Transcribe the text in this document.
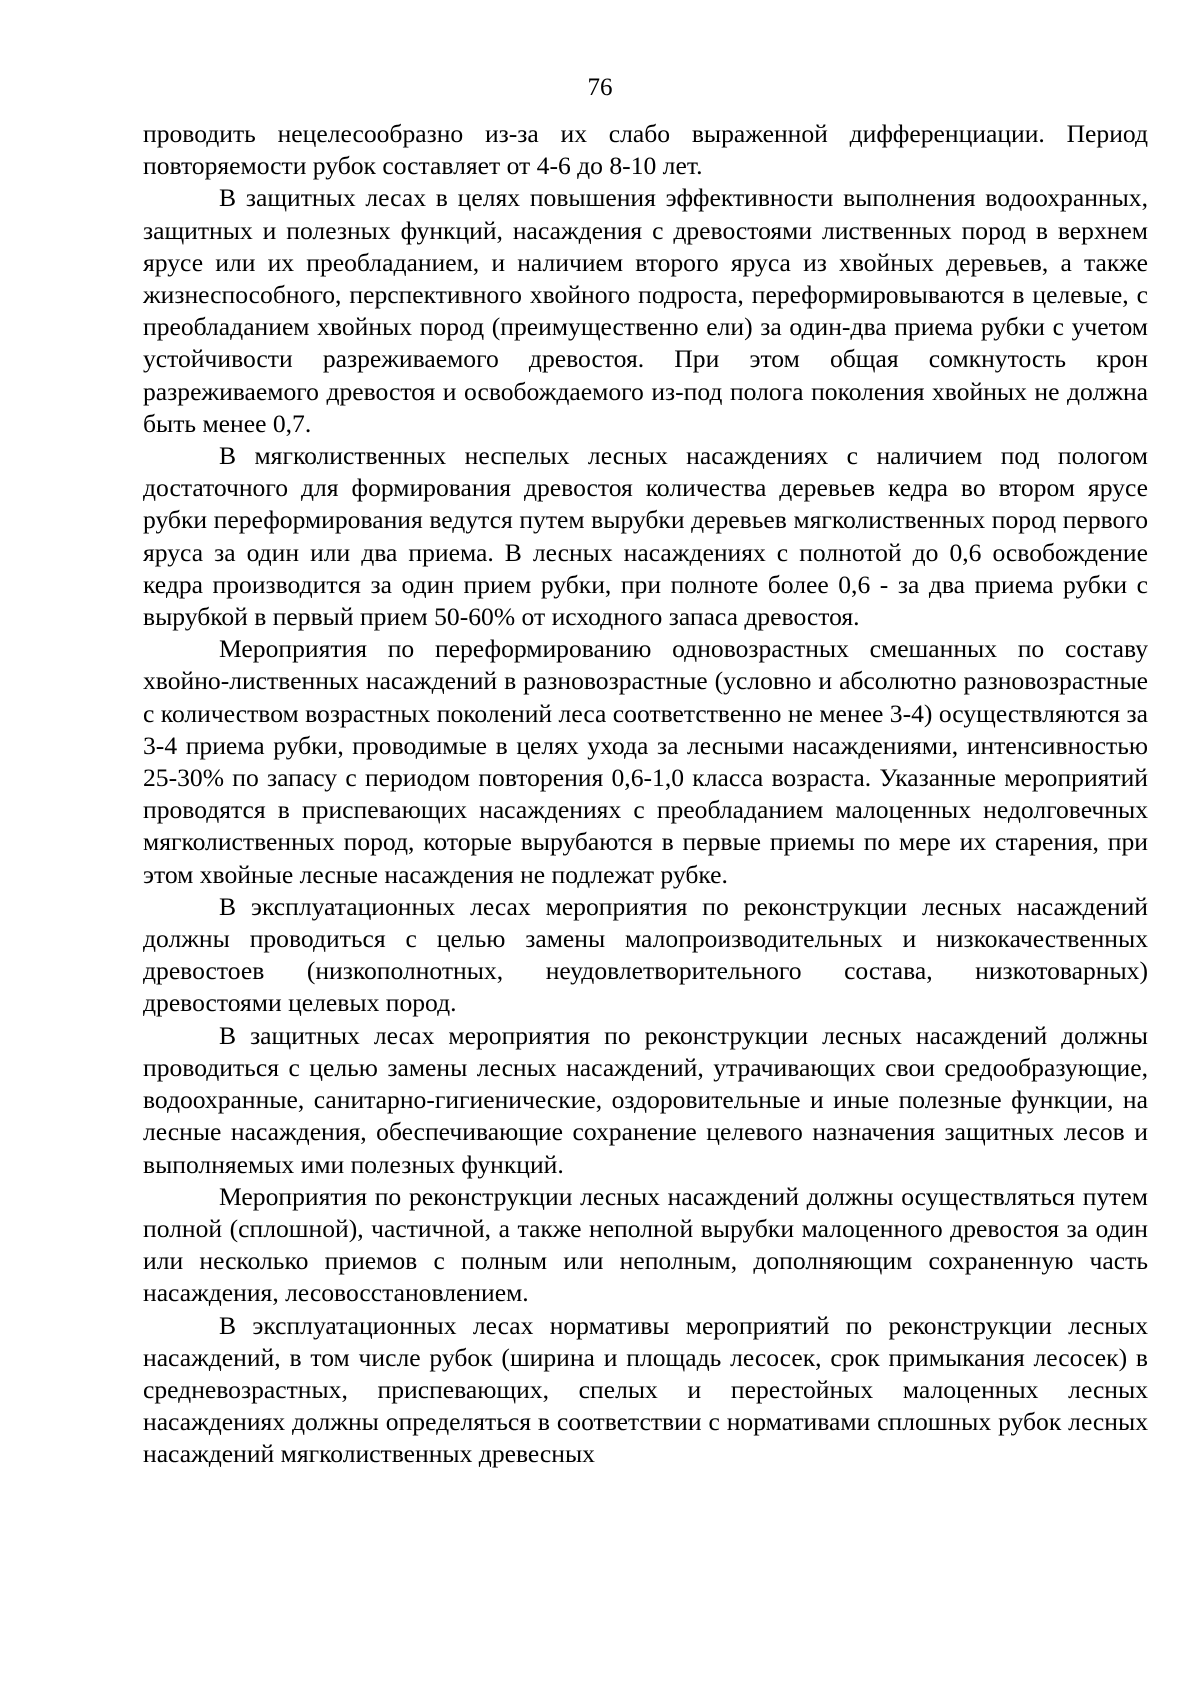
76

проводить нецелесообразно из-за их слабо выраженной дифференциации. Период повторяемости рубок составляет от 4-6 до 8-10 лет.

В защитных лесах в целях повышения эффективности выполнения водоохранных, защитных и полезных функций, насаждения с древостоями лиственных пород в верхнем ярусе или их преобладанием, и наличием второго яруса из хвойных деревьев, а также жизнеспособного, перспективного хвойного подроста, переформировываются в целевые, с преобладанием хвойных пород (преимущественно ели) за один-два приема рубки с учетом устойчивости разреживаемого древостоя. При этом общая сомкнутость крон разреживаемого древостоя и освобождаемого из-под полога поколения хвойных не должна быть менее 0,7.

В мягколиственных неспелых лесных насаждениях с наличием под пологом достаточного для формирования древостоя количества деревьев кедра во втором ярусе рубки переформирования ведутся путем вырубки деревьев мягколиственных пород первого яруса за один или два приема. В лесных насаждениях с полнотой до 0,6 освобождение кедра производится за один прием рубки, при полноте более 0,6 - за два приема рубки с вырубкой в первый прием 50-60% от исходного запаса древостоя.

Мероприятия по переформированию одновозрастных смешанных по составу хвойно-лиственных насаждений в разновозрастные (условно и абсолютно разновозрастные с количеством возрастных поколений леса соответственно не менее 3-4) осуществляются за 3-4 приема рубки, проводимые в целях ухода за лесными насаждениями, интенсивностью 25-30% по запасу с периодом повторения 0,6-1,0 класса возраста. Указанные мероприятий проводятся в приспевающих насаждениях с преобладанием малоценных недолговечных мягколиственных пород, которые вырубаются в первые приемы по мере их старения, при этом хвойные лесные насаждения не подлежат рубке.

В эксплуатационных лесах мероприятия по реконструкции лесных насаждений должны проводиться с целью замены малопроизводительных и низкокачественных древостоев (низкополнотных, неудовлетворительного состава, низкотоварных) древостоями целевых пород.

В защитных лесах мероприятия по реконструкции лесных насаждений должны проводиться с целью замены лесных насаждений, утрачивающих свои средообразующие, водоохранные, санитарно-гигиенические, оздоровительные и иные полезные функции, на лесные насаждения, обеспечивающие сохранение целевого назначения защитных лесов и выполняемых ими полезных функций.

Мероприятия по реконструкции лесных насаждений должны осуществляться путем полной (сплошной), частичной, а также неполной вырубки малоценного древостоя за один или несколько приемов с полным или неполным, дополняющим сохраненную часть насаждения, лесовосстановлением.

В эксплуатационных лесах нормативы мероприятий по реконструкции лесных насаждений, в том числе рубок (ширина и площадь лесосек, срок примыкания лесосек) в средневозрастных, приспевающих, спелых и перестойных малоценных лесных насаждениях должны определяться в соответствии с нормативами сплошных рубок лесных насаждений мягколиственных древесных
